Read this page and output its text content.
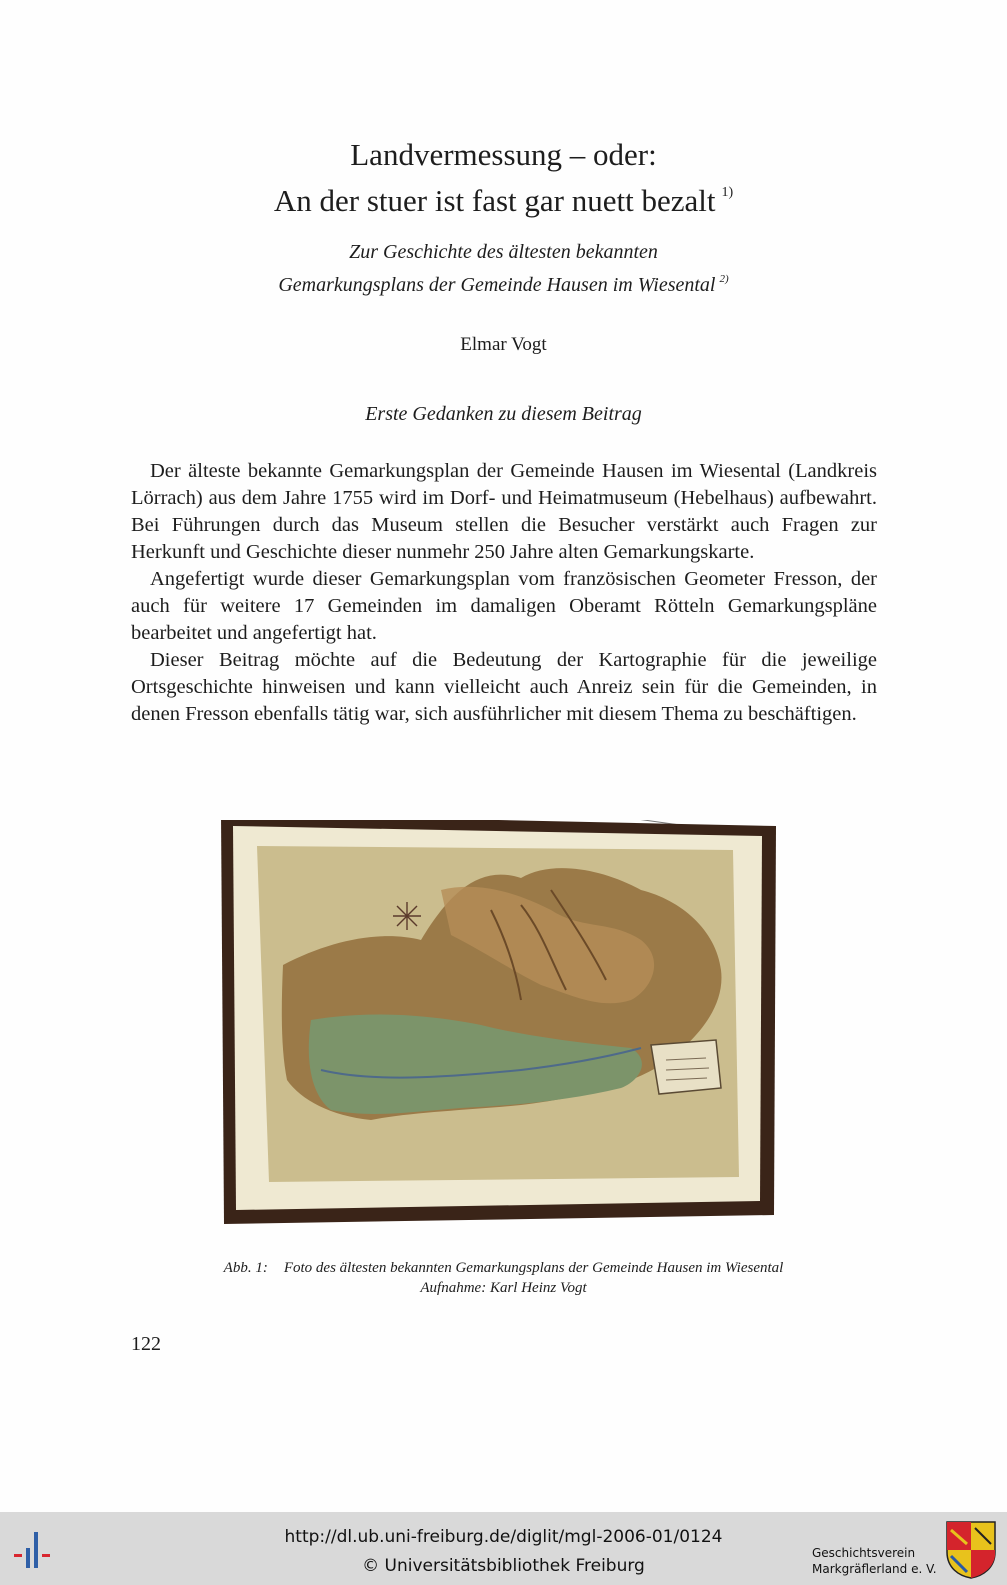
Landvermessung – oder:
An der stuer ist fast gar nuett bezalt $^{1)}$
Zur Geschichte des ältesten bekannten
Gemarkungsplans der Gemeinde Hausen im Wiesental $^{2)}$
Elmar Vogt
Erste Gedanken zu diesem Beitrag

Der älteste bekannte Gemarkungsplan der Gemeinde Hausen im Wiesental (Landkreis Lörrach) aus dem Jahre 1755 wird im Dorf- und Heimatmuseum (Hebelhaus) aufbewahrt. Bei Führungen durch das Museum stellen die Besucher verstärkt auch Fragen zur Herkunft und Geschichte dieser nunmehr 250 Jahre alten Gemarkungskarte.

Angefertigt wurde dieser Gemarkungsplan vom französischen Geometer Fresson, der auch für weitere 17 Gemeinden im damaligen Oberamt Rötteln Gemarkungspläne bearbeitet und angefertigt hat.

Dieser Beitrag möchte auf die Bedeutung der Kartographie für die jeweilige Ortsgeschichte hinweisen und kann vielleicht auch Anreiz sein für die Gemeinden, in denen Fresson ebenfalls tätig war, sich ausführlicher mit diesem Thema zu beschäftigen.

Abb. 1: Foto des ältesten bekannten Gemarkungsplans der Gemeinde Hausen im Wiesental
Aufnahme: Karl Heinz Vogt
122
http://dl.ub.uni-freiburg.de/diglit/mgl-2006-01/0124
© Universitätsbibliothek Freiburg
Geschichtsverein
Markgräflerland e. V.
